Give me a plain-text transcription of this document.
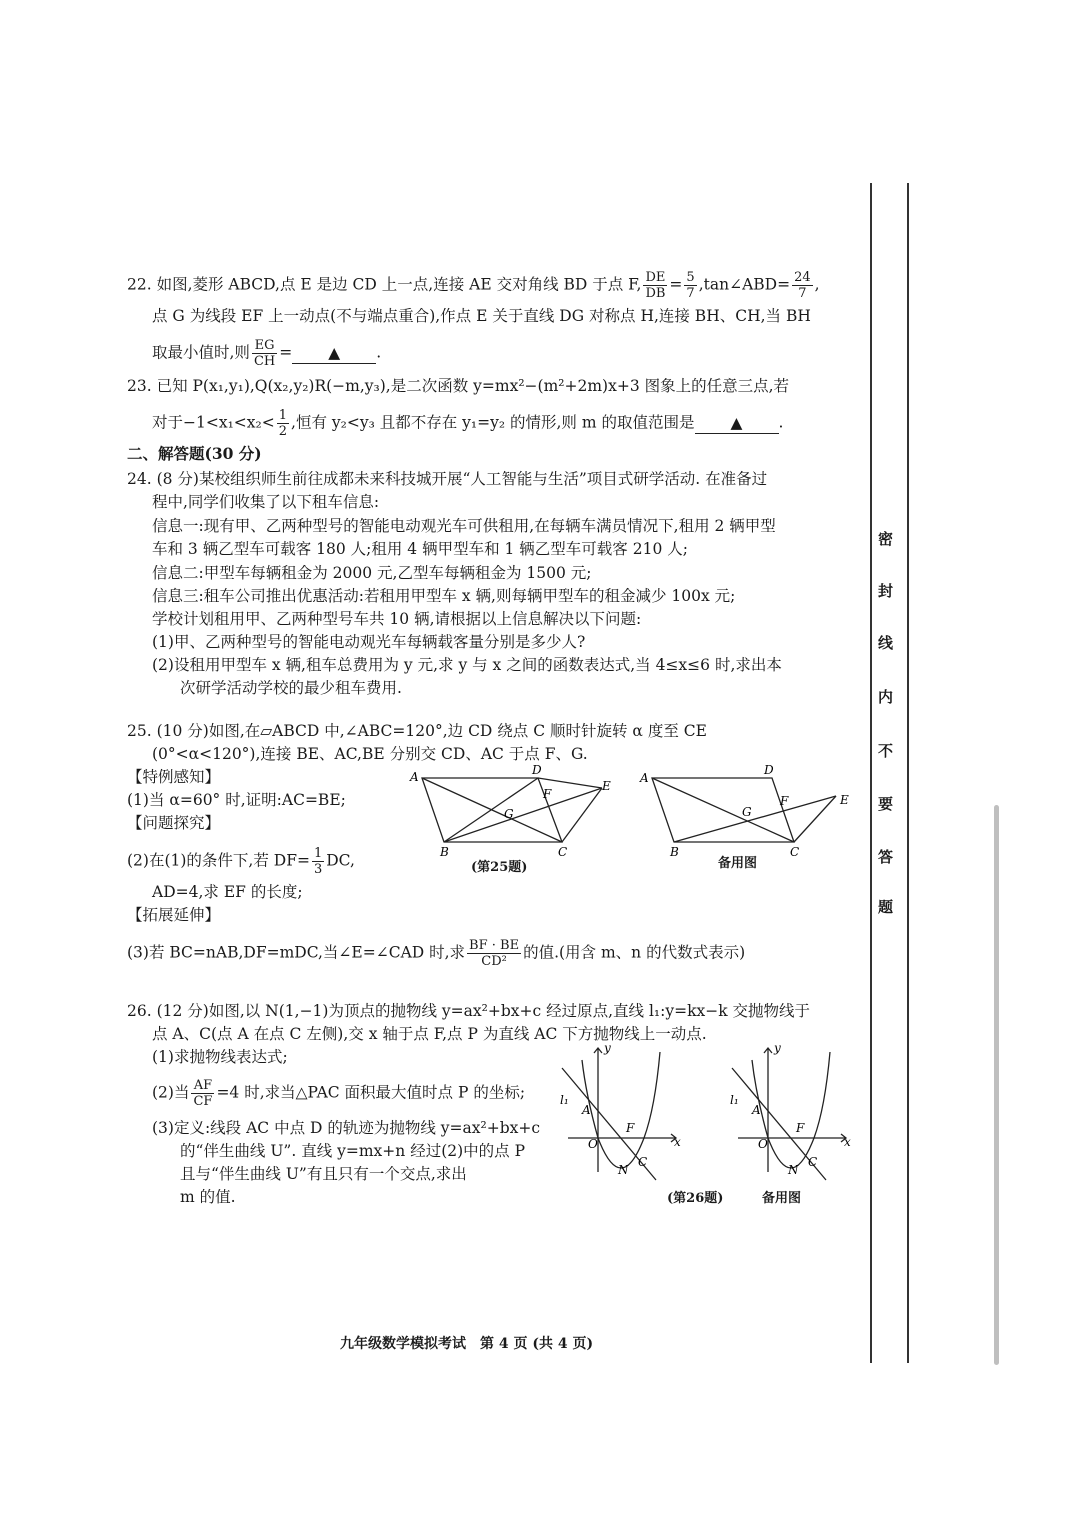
22. 如图,菱形 ABCD,点 E 是边 CD 上一点,连接 AE 交对角线 BD 于点 F, $\frac{DE}{DB} = \frac{5}{7}$ ,tan∠ABD= $\frac{24}{7}$ ,
点 G 为线段 EF 上一动点(不与端点重合),作点 E 关于直线 DG 对称点 H,连接 BH、CH,当 BH
取最小值时,则 $\frac{EG}{CH}$ = ▲ .
23. 已知 P(x₁,y₁),Q(x₂,y₂)R(−m,y₃),是二次函数 y=mx²−(m²+2m)x+3 图象上的任意三点,若
对于$-1<x_1<x_2< \frac{1}{2}$ ,恒有 y₂<y₃ 且都不存在 y₁=y₂ 的情形,则 m 的取值范围是 ▲ .
二、解答题(30 分)
24. (8 分)某校组织师生前往成都未来科技城开展“人工智能与生活”项目式研学活动. 在准备过
程中,同学们收集了以下租车信息:
信息一:现有甲、乙两种型号的智能电动观光车可供租用,在每辆车满员情况下,租用 2 辆甲型
车和 3 辆乙型车可载客 180 人;租用 4 辆甲型车和 1 辆乙型车可载客 210 人;
信息二:甲型车每辆租金为 2000 元,乙型车每辆租金为 1500 元;
信息三:租车公司推出优惠活动:若租用甲型车 x 辆,则每辆甲型车的租金减少 100x 元;
学校计划租用甲、乙两种型号车共 10 辆,请根据以上信息解决以下问题:
(1)甲、乙两种型号的智能电动观光车每辆载客量分别是多少人?
(2)设租用甲型车 x 辆,租车总费用为 y 元,求 y 与 x 之间的函数表达式,当 4≤x≤6 时,求出本
次研学活动学校的最少租车费用.
25. (10 分)如图,在▱ABCD 中,∠ABC=120°,边 CD 绕点 C 顺时针旋转 α 度至 CE
(0°<α<120°),连接 BE、AC,BE 分别交 CD、AC 于点 F、G.
【特例感知】
(1)当 α=60° 时,证明:AC=BE;
【问题探究】
(2)在(1)的条件下,若 $DF= \frac{1}{3}$ DC,
AD=4,求 EF 的长度;
【拓展延伸】
(3)若 BC=nAB,DF=mDC,当∠E=∠CAD 时,求 $\frac{BF \cdot BE}{\text{CD²}}$ 的值.(用含 m、n 的代数式表示)
A
B	C
D
E
F
G
(第25题)
A
B	C
D
E
F
G
备用图
26. (12 分)如图,以 N(1,−1)为顶点的抛物线 y=ax²+bx+c 经过原点,直线 l₁:y=kx−k 交抛物线于
点 A、C(点 A 在点 C 左侧),交 x 轴于点 F,点 P 为直线 AC 下方抛物线上一动点.
(1)求抛物线表达式;
(2)当 $\frac{AF}{CF} =4$ 时,求当△PAC 面积最大值时点 P 的坐标;
(3)定义:线段 AC 中点 D 的轨迹为抛物线 y=ax²+bx+c
的“伴生曲线 U”. 直线 y=mx+n 经过(2)中的点 P
且与“伴生曲线 U”有且只有一个交点,求出
m 的值.
y
x
O
A
F
N
C
l₁
(第26题)
y
x
O
A
F
N
C
l₁
备用图
九年级数学模拟考试　第 4 页 (共 4 页)
密
封
线
内
不
要
答
题
